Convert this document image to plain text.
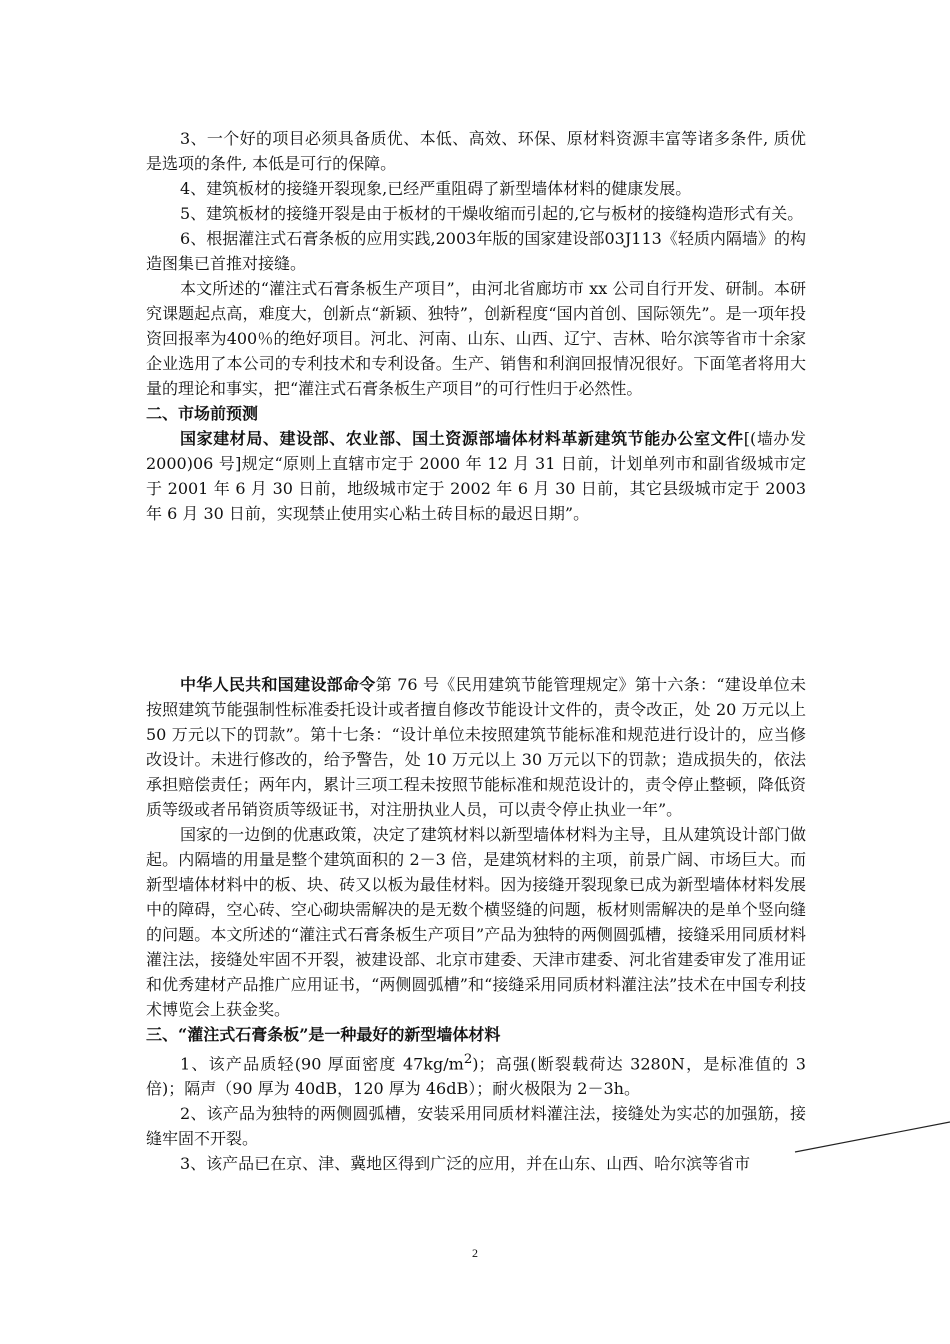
3、一个好的项目必须具备质优、本低、高效、环保、原材料资源丰富等诸多条件, 质优是选项的条件, 本低是可行的保障。

4、建筑板材的接缝开裂现象,已经严重阻碍了新型墙体材料的健康发展。

5、建筑板材的接缝开裂是由于板材的干燥收缩而引起的,它与板材的接缝构造形式有关。

6、根据灌注式石膏条板的应用实践,2003年版的国家建设部03J113《轻质内隔墙》的构造图集已首推对接缝。

本文所述的“灌注式石膏条板生产项目”，由河北省廊坊市 xx 公司自行开发、研制。本研究课题起点高，难度大，创新点“新颖、独特”，创新程度“国内首创、国际领先”。是一项年投资回报率为400％的绝好项目。河北、河南、山东、山西、辽宁、吉林、哈尔滨等省市十余家企业选用了本公司的专利技术和专利设备。生产、销售和利润回报情况很好。下面笔者将用大量的理论和事实，把“灌注式石膏条板生产项目”的可行性归于必然性。

二、市场前预测

国家建材局、建设部、农业部、国土资源部墙体材料革新建筑节能办公室文件[(墙办发 2000)06 号]规定“原则上直辖市定于 2000 年 12 月 31 日前，计划单列市和副省级城市定于 2001 年 6 月 30 日前，地级城市定于 2002 年 6 月 30 日前，其它县级城市定于 2003 年 6 月 30 日前，实现禁止使用实心粘土砖目标的最迟日期”。

中华人民共和国建设部命令第 76 号《民用建筑节能管理规定》第十六条：“建设单位未按照建筑节能强制性标准委托设计或者擅自修改节能设计文件的，责令改正，处 20 万元以上 50 万元以下的罚款”。第十七条：“设计单位未按照建筑节能标准和规范进行设计的，应当修改设计。未进行修改的，给予警告，处 10 万元以上 30 万元以下的罚款；造成损失的，依法承担赔偿责任；两年内，累计三项工程未按照节能标准和规范设计的，责令停止整顿，降低资质等级或者吊销资质等级证书，对注册执业人员，可以责令停止执业一年”。

国家的一边倒的优惠政策，决定了建筑材料以新型墙体材料为主导，且从建筑设计部门做起。内隔墙的用量是整个建筑面积的 2－3 倍，是建筑材料的主项，前景广阔、市场巨大。而新型墙体材料中的板、块、砖又以板为最佳材料。因为接缝开裂现象已成为新型墙体材料发展中的障碍，空心砖、空心砌块需解决的是无数个横竖缝的问题，板材则需解决的是单个竖向缝的问题。本文所述的“灌注式石膏条板生产项目”产品为独特的两侧圆弧槽，接缝采用同质材料灌注法，接缝处牢固不开裂，被建设部、北京市建委、天津市建委、河北省建委审发了准用证和优秀建材产品推广应用证书，“两侧圆弧槽”和“接缝采用同质材料灌注法”技术在中国专利技术博览会上获金奖。

三、“灌注式石膏条板”是一种最好的新型墙体材料

1、该产品质轻(90 厚面密度 $47kg/m^2$)；高强(断裂载荷达 3280N，是标准值的 3 倍)；隔声（90 厚为 40dB，120 厚为 46dB）；耐火极限为 2－3h。

2、该产品为独特的两侧圆弧槽，安装采用同质材料灌注法，接缝处为实芯的加强筋，接缝牢固不开裂。

3、该产品已在京、津、冀地区得到广泛的应用，并在山东、山西、哈尔滨等省市

2
